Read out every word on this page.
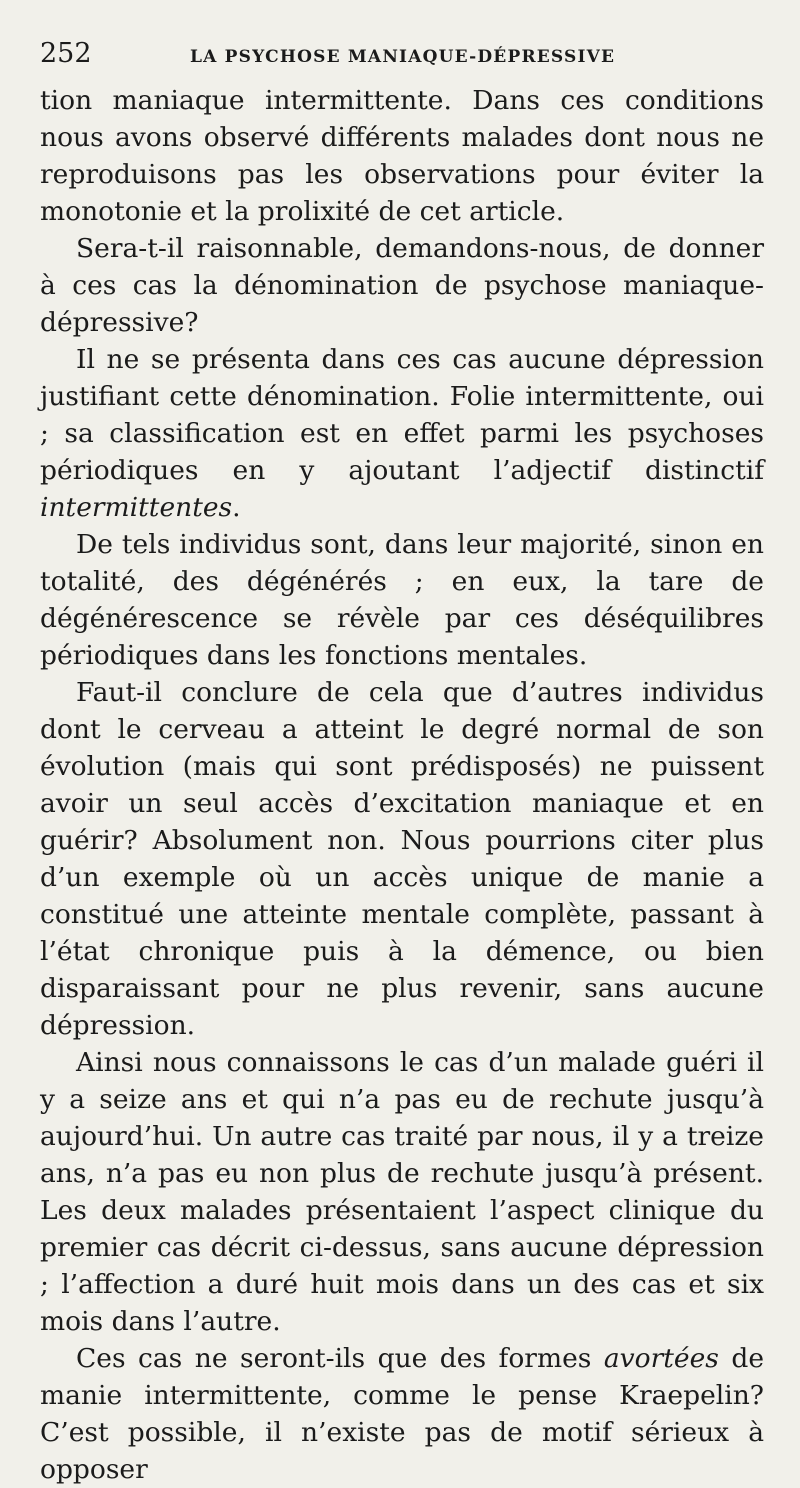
252	LA PSYCHOSE MANIAQUE-DÉPRESSIVE

tion maniaque intermittente. Dans ces conditions nous avons observé différents malades dont nous ne reproduisons pas les observations pour éviter la monotonie et la prolixité de cet article.

Sera-t-il raisonnable, demandons-nous, de donner à ces cas la dénomination de psychose maniaque-dépressive?

Il ne se présenta dans ces cas aucune dépression justifiant cette dénomination. Folie intermittente, oui ; sa classification est en effet parmi les psychoses périodiques en y ajoutant l’adjectif distinctif intermittentes.

De tels individus sont, dans leur majorité, sinon en totalité, des dégénérés ; en eux, la tare de dégénérescence se révèle par ces déséquilibres périodiques dans les fonctions mentales.

Faut-il conclure de cela que d’autres individus dont le cerveau a atteint le degré normal de son évolution (mais qui sont prédisposés) ne puissent avoir un seul accès d’excitation maniaque et en guérir? Absolument non. Nous pourrions citer plus d’un exemple où un accès unique de manie a constitué une atteinte mentale complète, passant à l’état chronique puis à la démence, ou bien disparaissant pour ne plus revenir, sans aucune dépression.

Ainsi nous connaissons le cas d’un malade guéri il y a seize ans et qui n’a pas eu de rechute jusqu’à aujourd’hui. Un autre cas traité par nous, il y a treize ans, n’a pas eu non plus de rechute jusqu’à présent. Les deux malades présentaient l’aspect clinique du premier cas décrit ci-dessus, sans aucune dépression ; l’affection a duré huit mois dans un des cas et six mois dans l’autre.

Ces cas ne seront-ils que des formes avortées de manie intermittente, comme le pense Kraepelin? C’est possible, il n’existe pas de motif sérieux à opposer
